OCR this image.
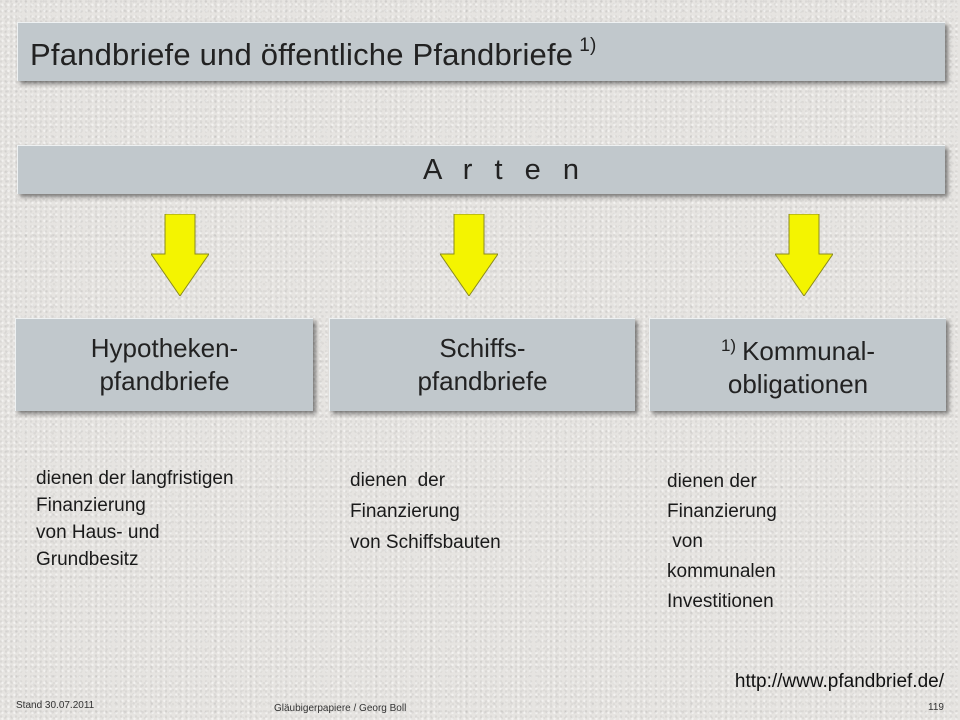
Pfandbriefe und öffentliche Pfandbriefe $^{1)}$
A r t e n
Hypotheken-
pfandbriefe
Schiffs-
pfandbriefe
$^{1)}$ Kommunal-
obligationen
dienen der langfristigen
Finanzierung
von Haus- und
Grundbesitz
dienen  der
Finanzierung
von Schiffsbauten
dienen der
Finanzierung
von
kommunalen
Investitionen
http://www.pfandbrief.de/
Stand 30.07.2011	Gläubigerpapiere / Georg Boll	119
